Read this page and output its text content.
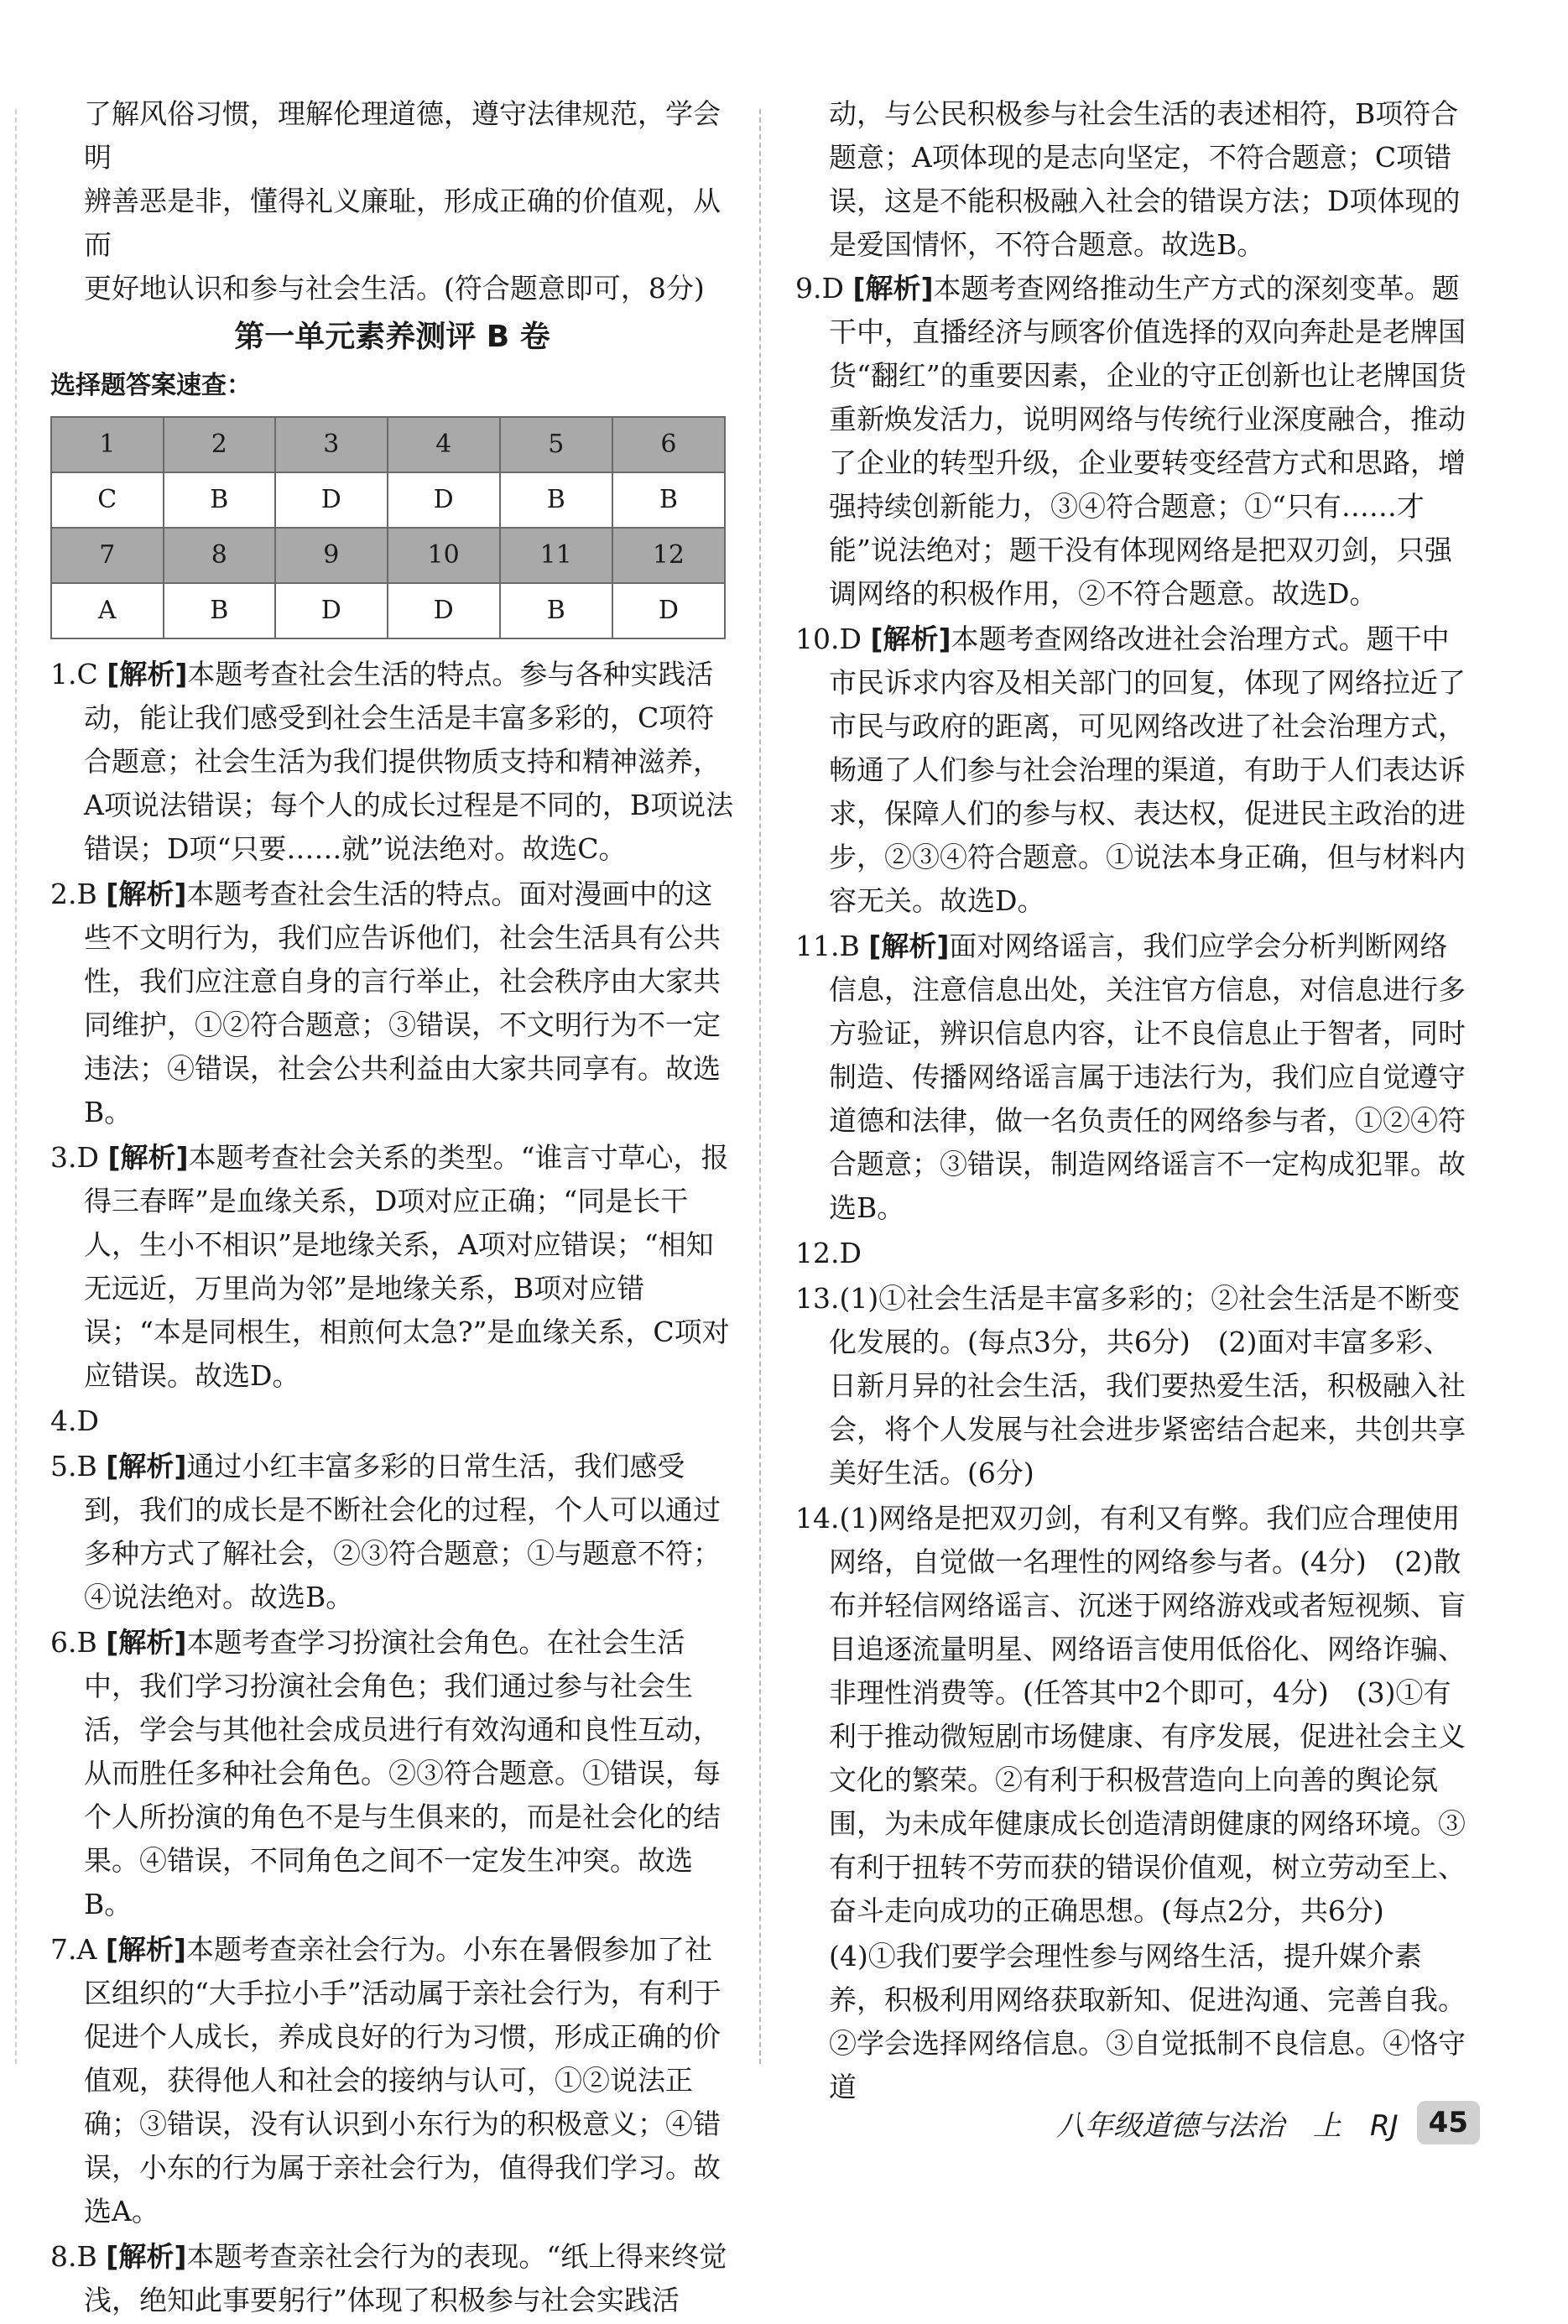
了解风俗习惯，理解伦理道德，遵守法律规范，学会明

辨善恶是非，懂得礼义廉耻，形成正确的价值观，从而

更好地认识和参与社会生活。(符合题意即可，8分)

第一单元素养测评 B 卷
选择题答案速查：
1	2	3	4	5	6
C	B	D	D	B	B
7	8	9	10	11	12
A	B	D	D	B	D

1.C [解析]本题考查社会生活的特点。参与各种实践活动，能让我们感受到社会生活是丰富多彩的，C项符合题意；社会生活为我们提供物质支持和精神滋养，A项说法错误；每个人的成长过程是不同的，B项说法错误；D项“只要……就”说法绝对。故选C。

2.B [解析]本题考查社会生活的特点。面对漫画中的这些不文明行为，我们应告诉他们，社会生活具有公共性，我们应注意自身的言行举止，社会秩序由大家共同维护，①②符合题意；③错误，不文明行为不一定违法；④错误，社会公共利益由大家共同享有。故选B。

3.D [解析]本题考查社会关系的类型。“谁言寸草心，报得三春晖”是血缘关系，D项对应正确；“同是长干人，生小不相识”是地缘关系，A项对应错误；“相知无远近，万里尚为邻”是地缘关系，B项对应错误；“本是同根生，相煎何太急?”是血缘关系，C项对应错误。故选D。

4.D

5.B [解析]通过小红丰富多彩的日常生活，我们感受到，我们的成长是不断社会化的过程，个人可以通过多种方式了解社会，②③符合题意；①与题意不符；④说法绝对。故选B。

6.B [解析]本题考查学习扮演社会角色。在社会生活中，我们学习扮演社会角色；我们通过参与社会生活，学会与其他社会成员进行有效沟通和良性互动，从而胜任多种社会角色。②③符合题意。①错误，每个人所扮演的角色不是与生俱来的，而是社会化的结果。④错误，不同角色之间不一定发生冲突。故选B。

7.A [解析]本题考查亲社会行为。小东在暑假参加了社区组织的“大手拉小手”活动属于亲社会行为，有利于促进个人成长，养成良好的行为习惯，形成正确的价值观，获得他人和社会的接纳与认可，①②说法正确；③错误，没有认识到小东行为的积极意义；④错误，小东的行为属于亲社会行为，值得我们学习。故选A。

8.B [解析]本题考查亲社会行为的表现。“纸上得来终觉浅，绝知此事要躬行”体现了积极参与社会实践活

动，与公民积极参与社会生活的表述相符，B项符合题意；A项体现的是志向坚定，不符合题意；C项错误，这是不能积极融入社会的错误方法；D项体现的是爱国情怀，不符合题意。故选B。

9.D [解析]本题考查网络推动生产方式的深刻变革。题干中，直播经济与顾客价值选择的双向奔赴是老牌国货“翻红”的重要因素，企业的守正创新也让老牌国货重新焕发活力，说明网络与传统行业深度融合，推动了企业的转型升级，企业要转变经营方式和思路，增强持续创新能力，③④符合题意；①“只有……才能”说法绝对；题干没有体现网络是把双刃剑，只强调网络的积极作用，②不符合题意。故选D。

10.D [解析]本题考查网络改进社会治理方式。题干中市民诉求内容及相关部门的回复，体现了网络拉近了市民与政府的距离，可见网络改进了社会治理方式，畅通了人们参与社会治理的渠道，有助于人们表达诉求，保障人们的参与权、表达权，促进民主政治的进步，②③④符合题意。①说法本身正确，但与材料内容无关。故选D。

11.B [解析]面对网络谣言，我们应学会分析判断网络信息，注意信息出处，关注官方信息，对信息进行多方验证，辨识信息内容，让不良信息止于智者，同时制造、传播网络谣言属于违法行为，我们应自觉遵守道德和法律，做一名负责任的网络参与者，①②④符合题意；③错误，制造网络谣言不一定构成犯罪。故选B。

12.D

13.(1)①社会生活是丰富多彩的；②社会生活是不断变化发展的。(每点3分，共6分)　(2)面对丰富多彩、日新月异的社会生活，我们要热爱生活，积极融入社会，将个人发展与社会进步紧密结合起来，共创共享美好生活。(6分)

14.(1)网络是把双刃剑，有利又有弊。我们应合理使用网络，自觉做一名理性的网络参与者。(4分)　(2)散布并轻信网络谣言、沉迷于网络游戏或者短视频、盲目追逐流量明星、网络语言使用低俗化、网络诈骗、非理性消费等。(任答其中2个即可，4分)　(3)①有利于推动微短剧市场健康、有序发展，促进社会主义文化的繁荣。②有利于积极营造向上向善的舆论氛围，为未成年健康成长创造清朗健康的网络环境。③有利于扭转不劳而获的错误价值观，树立劳动至上、奋斗走向成功的正确思想。(每点2分，共6分)

(4)①我们要学会理性参与网络生活，提升媒介素养，积极利用网络获取新知、促进沟通、完善自我。②学会选择网络信息。③自觉抵制不良信息。④恪守道

八年级道德与法治　上　RJ	45
